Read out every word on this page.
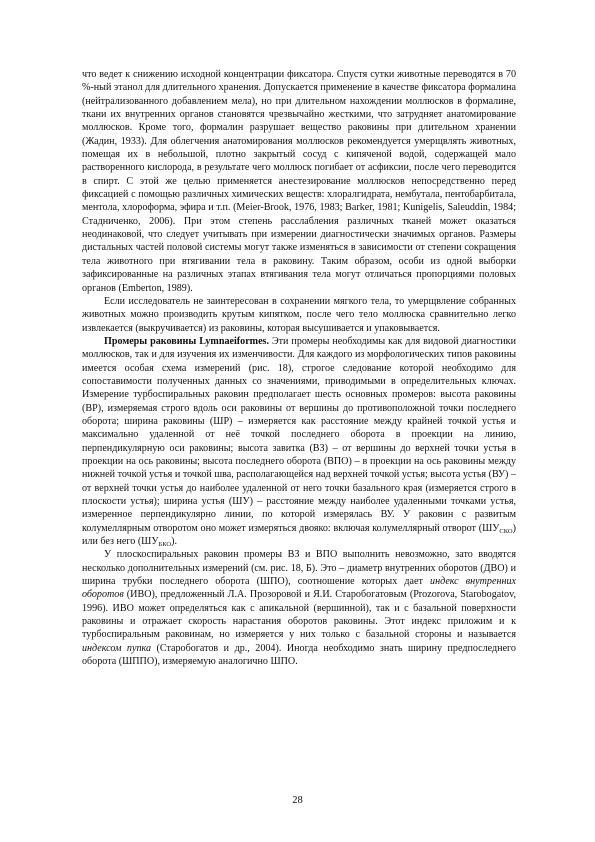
что ведет к снижению исходной концентрации фиксатора. Спустя сутки животные переводятся в 70 %-ный этанол для длительного хранения. Допускается применение в качестве фиксатора формалина (нейтрализованного добавлением мела), но при длительном нахождении моллюсков в формалине, ткани их внутренних органов становятся чрезвычайно жесткими, что затрудняет анатомирование моллюсков. Кроме того, формалин разрушает вещество раковины при длительном хранении (Жадин, 1933). Для облегчения анатомирования моллюсков рекомендуется умерщвлять животных, помещая их в небольшой, плотно закрытый сосуд с кипяченой водой, содержащей мало растворенного кислорода, в результате чего моллюск погибает от асфиксии, после чего переводится в спирт. С этой же целью применяется анестезирование моллюсков непосредственно перед фиксацией с помощью различных химических веществ: хлоралгидрата, нембутала, пентобарбиталa, ментола, хлороформа, эфира и т.п. (Meier-Brook, 1976, 1983; Barker, 1981; Kunigelis, Saleuddin, 1984; Стадниченко, 2006). При этом степень расслабления различных тканей может оказаться неодинаковой, что следует учитывать при измерении диагностически значимых органов. Размеры дистальных частей половой системы могут также изменяться в зависимости от степени сокращения тела животного при втягивании тела в раковину. Таким образом, особи из одной выборки зафиксированные на различных этапах втягивания тела могут отличаться пропорциями половых органов (Emberton, 1989).

Если исследователь не заинтересован в сохранении мягкого тела, то умерщвление собранных животных можно производить крутым кипятком, после чего тело моллюска сравнительно легко извлекается (выкручивается) из раковины, которая высушивается и упаковывается.

Промеры раковины Lymnaeiformes. Эти промеры необходимы как для видовой диагностики моллюсков, так и для изучения их изменчивости. Для каждого из морфологических типов раковины имеется особая схема измерений (рис. 18), строгое следование которой необходимо для сопоставимости полученных данных со значениями, приводимыми в определительных ключах. Измерение турбоспиральных раковин предполагает шесть основных промеров: высота раковины (ВР), измеряемая строго вдоль оси раковины от вершины до противоположной точки последнего оборота; ширина раковины (ШР) – измеряется как расстояние между крайней точкой устья и максимально удаленной от неё точкой последнего оборота в проекции на линию, перпендикулярную оси раковины; высота завитка (ВЗ) – от вершины до верхней точки устья в проекции на ось раковины; высота последнего оборота (ВПО) – в проекции на ось раковины между нижней точкой устья и точкой шва, располагающейся над верхней точкой устья; высота устья (ВУ) – от верхней точки устья до наиболее удаленной от него точки базального края (измеряется строго в плоскости устья); ширина устья (ШУ) – расстояние между наиболее удаленными точками устья, измеренное перпендикулярно линии, по которой измерялась ВУ. У раковин с развитым колумеллярным отворотом оно может измеряться двояко: включая колумеллярный отворот $(ШУ_{СКО})$ или без него $(ШУ_{БКО})$.

У плоскоспиральных раковин промеры ВЗ и ВПО выполнить невозможно, зато вводятся несколько дополнительных измерений (см. рис. 18, Б). Это – диаметр внутренних оборотов (ДВО) и ширина трубки последнего оборота (ШПО), соотношение которых дает индекс внутренних оборотов (ИВО), предложенный Л.А. Прозоровой и Я.И. Старобогатовым (Prozorova, Starobogatov, 1996). ИВО может определяться как с апикальной (вершинной), так и с базальной поверхности раковины и отражает скорость нарастания оборотов раковины. Этот индекс приложим и к турбоспиральным раковинам, но измеряется у них только с базальной стороны и называется индексом пупка (Старобогатов и др., 2004). Иногда необходимо знать ширину предпоследнего оборота (ШППО), измеряемую аналогично ШПО.

28
